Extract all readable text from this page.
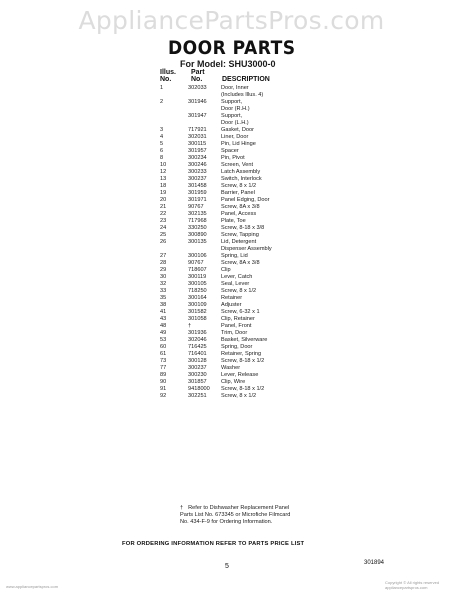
AppliancePartsPros.com
DOOR PARTS
For Model: SHU3000-0
Illus.
No.
Part
No.	DESCRIPTION
1	302033	Door, Inner
(Includes Illus. 4)
2	301946	Support,
Door (R.H.)
301947	Support,
Door (L.H.)
3	717921	Gasket, Door
4	302031	Liner, Door
5	300115	Pin, Lid Hinge
6	301957	Spacer
8	300234	Pin, Pivot
10	300246	Screen, Vent
12	300233	Latch Assembly
13	300237	Switch, Interlock
18	301458	Screw, 8 x 1/2
19	301959	Barrier, Panel
20	301971	Panel Edging, Door
21	90767	Screw, 8A x 3/8
22	302135	Panel, Access
23	717968	Plate, Toe
24	330250	Screw, 8-18 x 3/8
25	300890	Screw, Tapping
26	300135	Lid, Detergent
Dispenser Assembly
27	300106	Spring, Lid
28	90767	Screw, 8A x 3/8
29	718607	Clip
30	300119	Lever, Catch
32	300105	Seal, Lever
33	718250	Screw, 8 x 1/2
35	300164	Retainer
38	300109	Adjuster
41	301582	Screw, 6-32 x 1
43	301058	Clip, Retainer
48	†	Panel, Front
49	301936	Trim, Door
53	302046	Basket, Silverware
60	716425	Spring, Door
61	716401	Retainer, Spring
73	300128	Screw, 8-18 x 1/2
77	300237	Washer
89	300230	Lever, Release
90	301857	Clip, Wire
91	9418000	Screw, 8-18 x 1/2
92	302251	Screw, 8 x 1/2
† Refer to Dishwasher Replacement Panel
Parts List No. 673345 or Microfiche Filmcard
No. 434-F-9 for Ordering Information.
FOR ORDERING INFORMATION REFER TO PARTS PRICE LIST
5	301894
www.appliancepartspros.com
Copyright © All rights reserved
appliancepartspros.com
